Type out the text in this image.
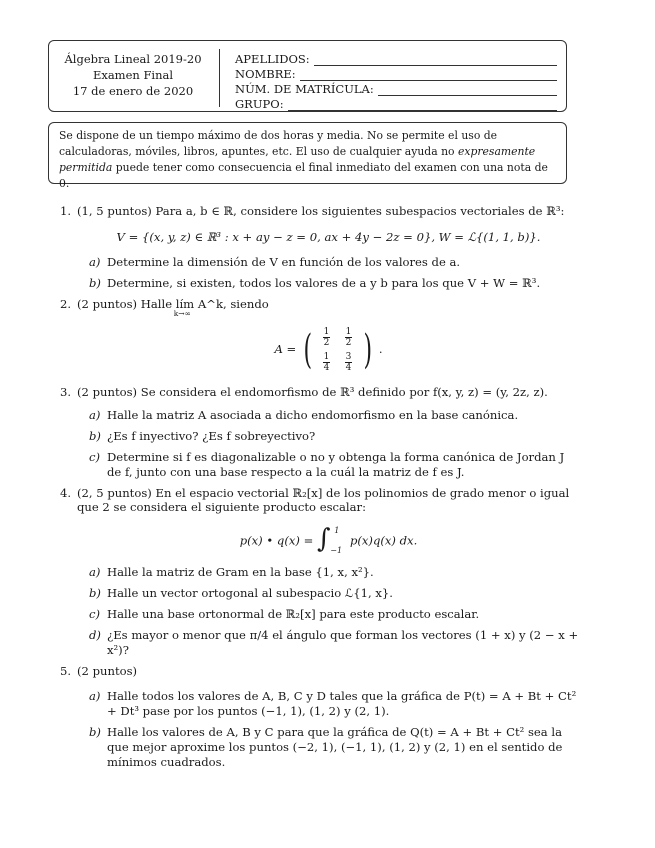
Álgebra Lineal 2019-20
Examen Final
17 de enero de 2020
APELLIDOS:
NOMBRE:
NÚM. DE MATRÍCULA:
GRUPO:

Se dispone de un tiempo máximo de dos horas y media. No se permite el uso de calculadoras, móviles, libros, apuntes, etc. El uso de cualquier ayuda no expresamente permitida puede tener como consecuencia el final inmediato del examen con una nota de 0.

1. (1, 5 puntos) Para a, b ∈ ℝ, considere los siguientes subespacios vectoriales de ℝ³:
V = {(x, y, z) ∈ ℝ³ : x + ay − z = 0, ax + 4y − 2z = 0}, W = ℒ{(1, 1, b)}.
a) Determine la dimensión de V en función de los valores de a.
b) Determine, si existen, todos los valores de a y b para los que V + W = ℝ³.
2. (2 puntos) Halle lím
k→∞
A^k, siendo
A = ( $\frac{1}{2} \frac{1}{2}$
$\frac{1}{4} \frac{3}{4}$ ) .
3. (2 puntos) Se considera el endomorfismo de ℝ³ definido por f(x, y, z) = (y, 2z, z).
a) Halle la matriz A asociada a dicho endomorfismo en la base canónica.
b) ¿Es f inyectivo? ¿Es f sobreyectivo?
c) Determine si f es diagonalizable o no y obtenga la forma canónica de Jordan J de f, junto con una base respecto a la cuál la matriz de f es J.
4. (2, 5 puntos) En el espacio vectorial ℝ₂[x] de los polinomios de grado menor o igual que 2 se considera el siguiente producto escalar:
p(x) • q(x) = ∫ 1
−1
p(x)q(x) dx.
a) Halle la matriz de Gram en la base {1, x, x²}.
b) Halle un vector ortogonal al subespacio ℒ{1, x}.
c) Halle una base ortonormal de ℝ₂[x] para este producto escalar.
d) ¿Es mayor o menor que π/4 el ángulo que forman los vectores (1 + x) y (2 − x + x²)?
5. (2 puntos)
a) Halle todos los valores de A, B, C y D tales que la gráfica de P(t) = A + Bt + Ct² + Dt³ pase por los puntos (−1, 1), (1, 2) y (2, 1).
b) Halle los valores de A, B y C para que la gráfica de Q(t) = A + Bt + Ct² sea la que mejor aproxime los puntos (−2, 1), (−1, 1), (1, 2) y (2, 1) en el sentido de mínimos cuadrados.
